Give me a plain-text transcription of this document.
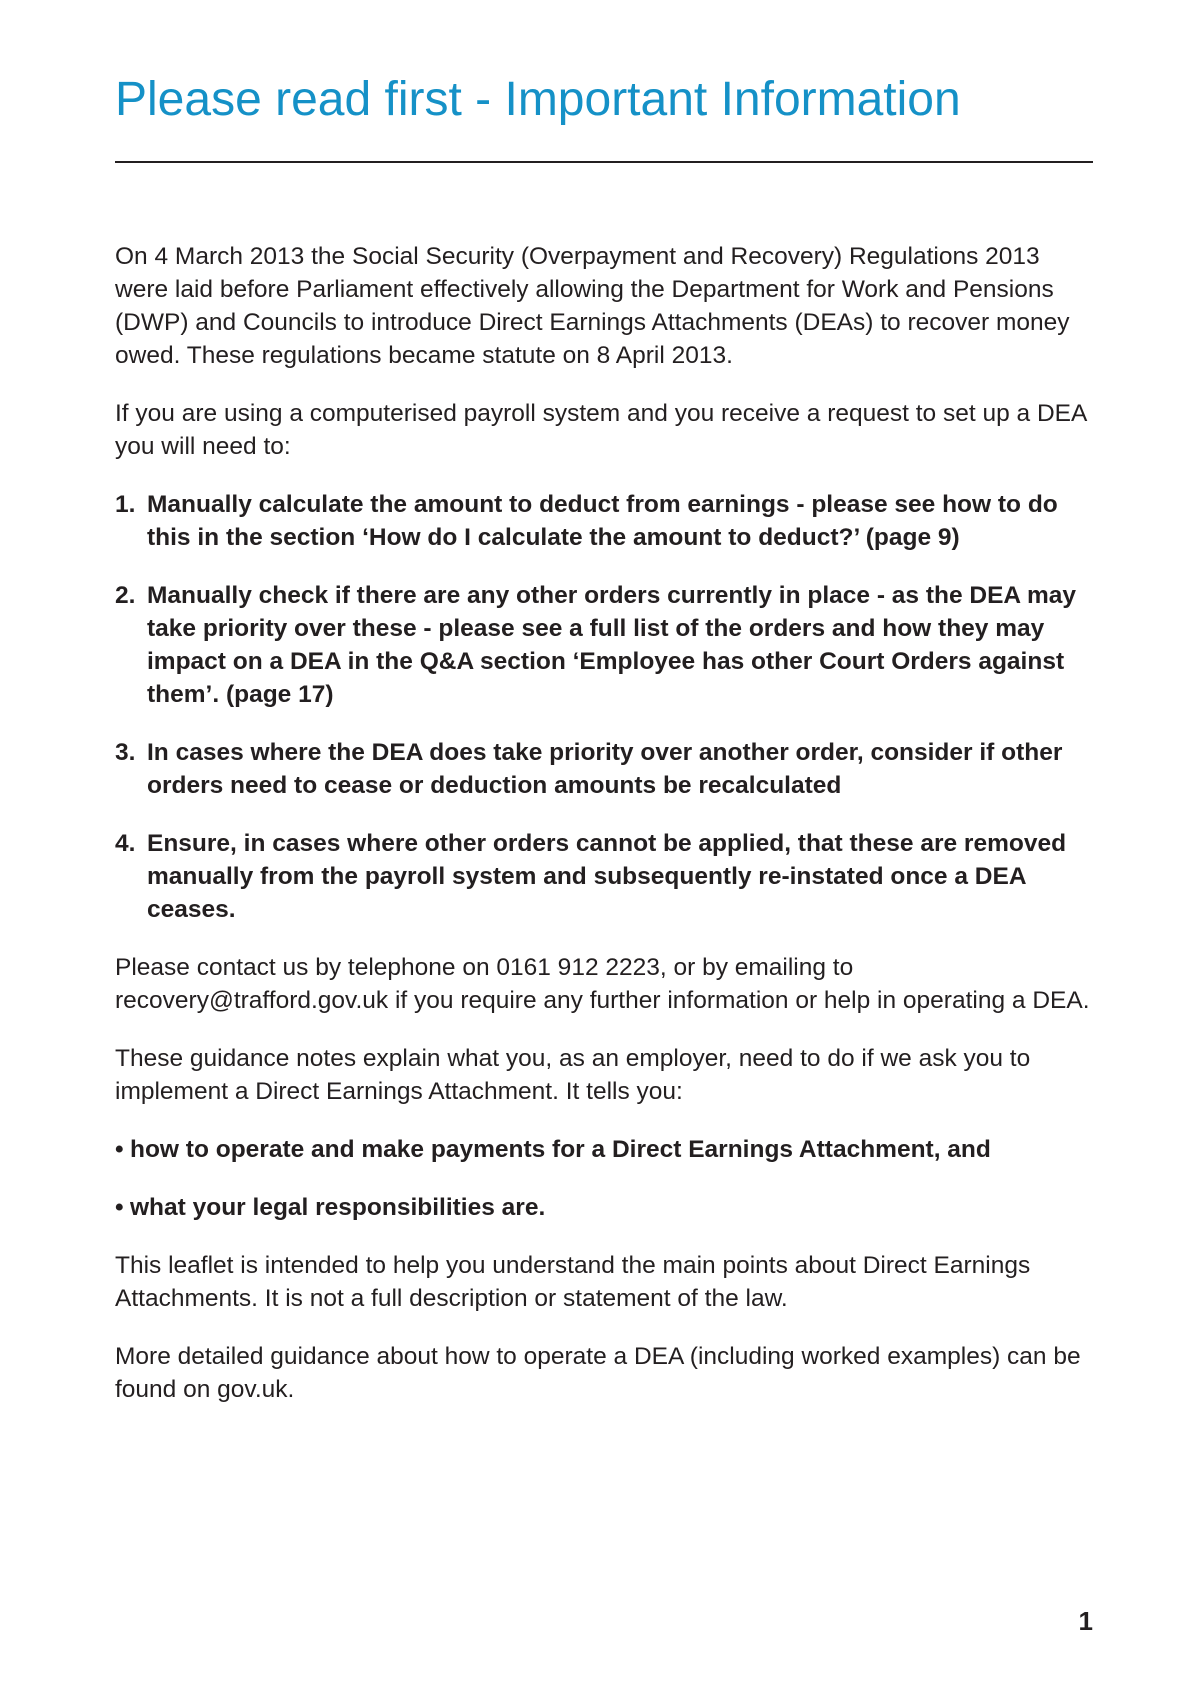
Please read first - Important Information

On 4 March 2013 the Social Security (Overpayment and Recovery) Regulations 2013 were laid before Parliament effectively allowing the Department for Work and Pensions (DWP) and Councils to introduce Direct Earnings Attachments (DEAs) to recover money owed. These regulations became statute on 8 April 2013.

If you are using a computerised payroll system and you receive a request to set up a DEA you will need to:

1. Manually calculate the amount to deduct from earnings - please see how to do this in the section ‘How do I calculate the amount to deduct?’ (page 9)
2. Manually check if there are any other orders currently in place - as the DEA may take priority over these - please see a full list of the orders and how they may impact on a DEA in the Q&A section ‘Employee has other Court Orders against them’. (page 17)
3. In cases where the DEA does take priority over another order, consider if other orders need to cease or deduction amounts be recalculated
4. Ensure, in cases where other orders cannot be applied, that these are removed manually from the payroll system and subsequently re-instated once a DEA ceases.

Please contact us by telephone on 0161 912 2223, or by emailing to recovery@trafford.gov.uk if you require any further information or help in operating a DEA.

These guidance notes explain what you, as an employer, need to do if we ask you to implement a Direct Earnings Attachment. It tells you:

• how to operate and make payments for a Direct Earnings Attachment, and
• what your legal responsibilities are.

This leaflet is intended to help you understand the main points about Direct Earnings Attachments. It is not a full description or statement of the law.

More detailed guidance about how to operate a DEA (including worked examples) can be found on gov.uk.

1
